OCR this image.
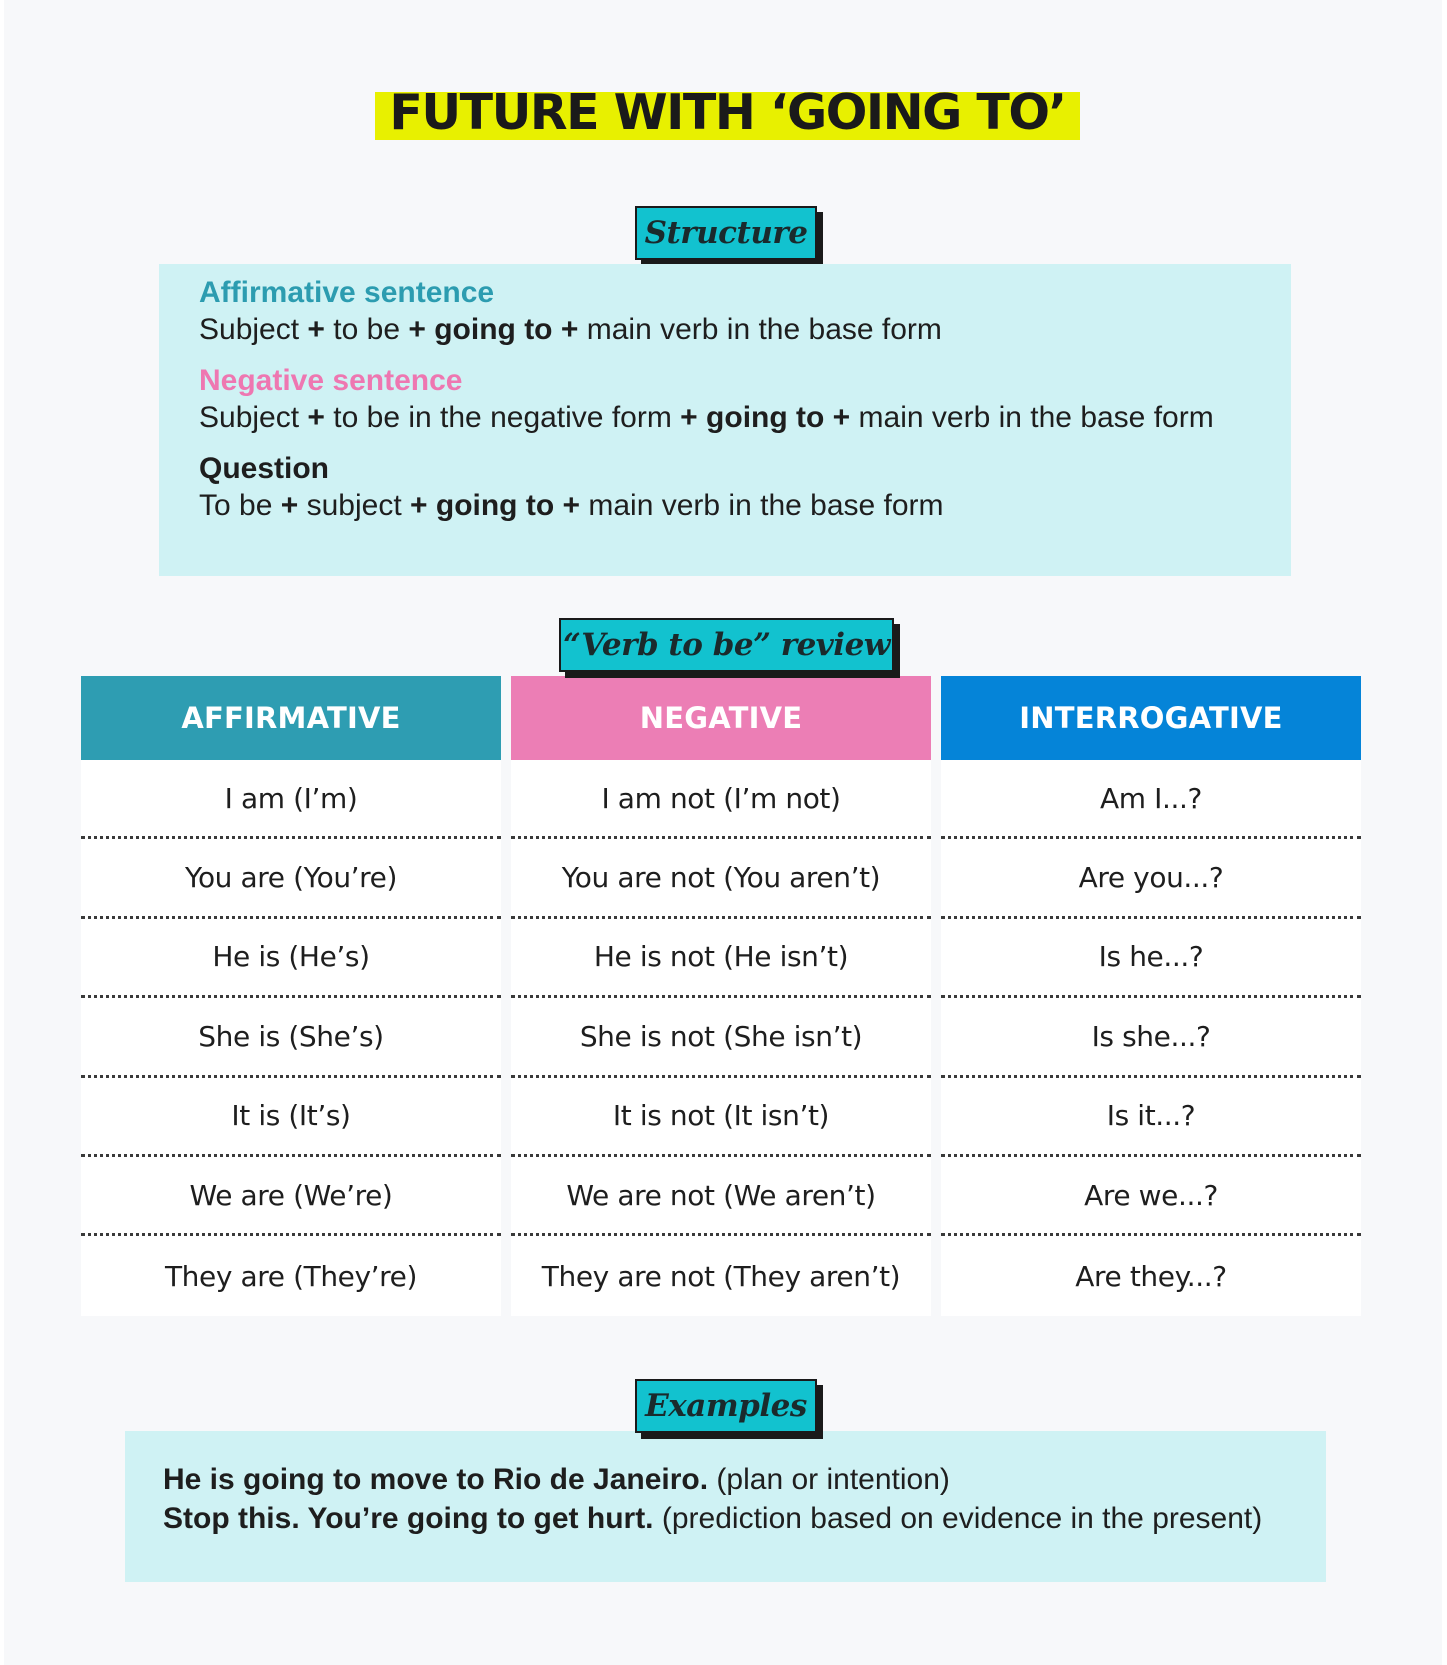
FUTURE WITH ‘GOING TO’
Structure
Affirmative sentence
Subject + to be + going to + main verb in the base form
Negative sentence
Subject + to be in the negative form + going to + main verb in the base form
Question
To be + subject + going to + main verb in the base form
AFFIRMATIVE
I am (I’m)
You are (You’re)
He is (He’s)
She is (She’s)
It is (It’s)
We are (We’re)
They are (They’re)
NEGATIVE
I am not (I’m not)
You are not (You aren’t)
He is not (He isn’t)
She is not (She isn’t)
It is not (It isn’t)
We are not (We aren’t)
They are not (They aren’t)
INTERROGATIVE
Am I...?
Are you...?
Is he...?
Is she...?
Is it...?
Are we...?
Are they...?
“Verb to be” review
He is going to move to Rio de Janeiro. (plan or intention)
Stop this. You’re going to get hurt. (prediction based on evidence in the present)
Examples
